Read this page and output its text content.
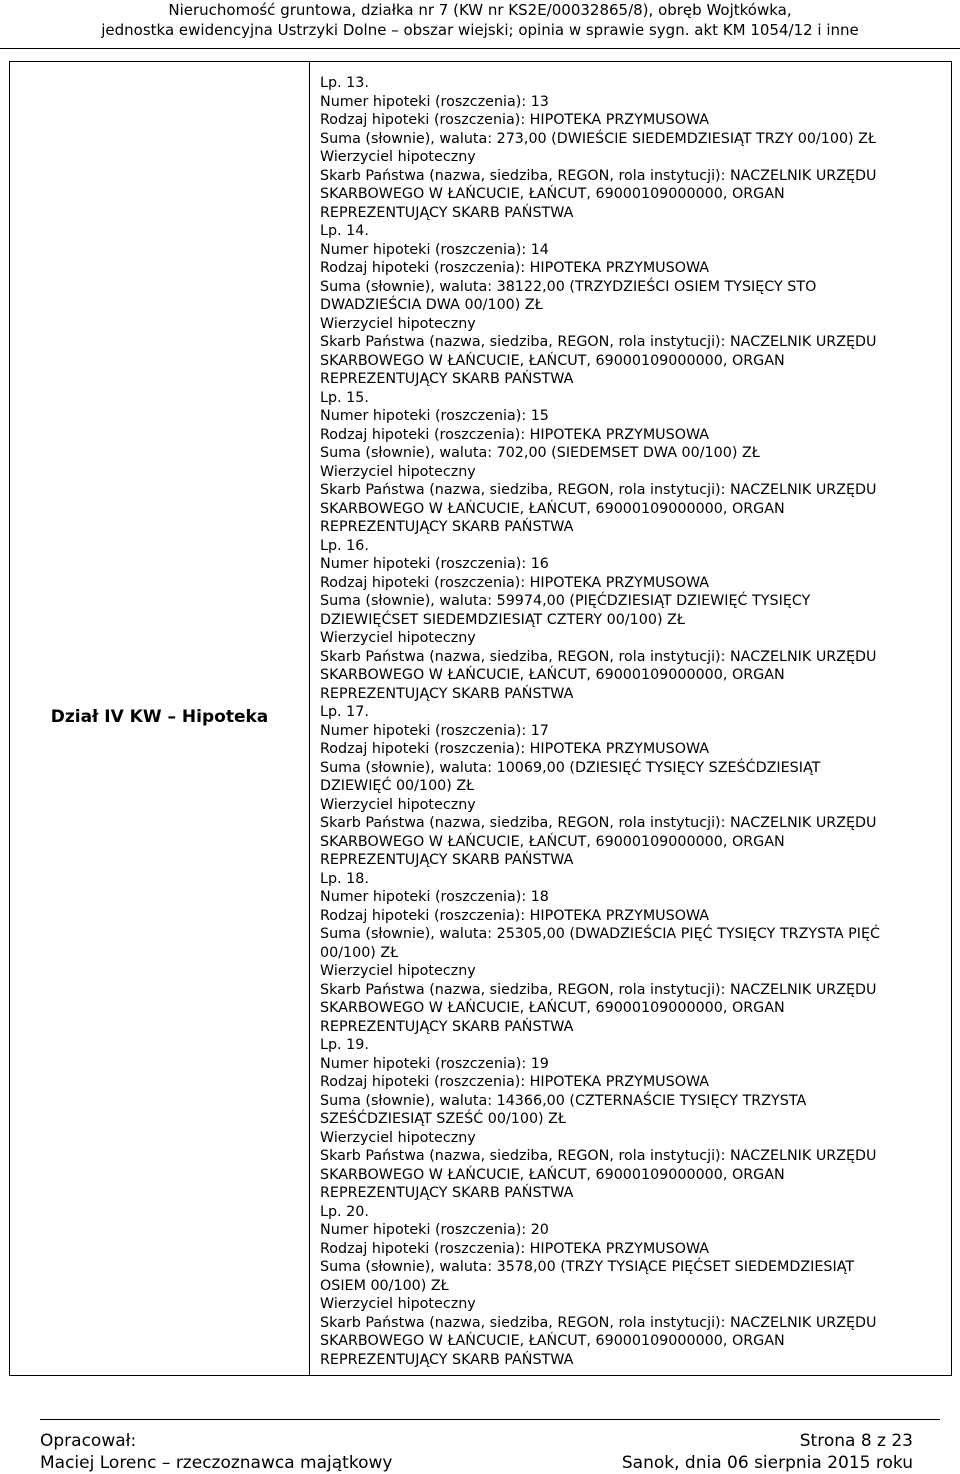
Nieruchomość gruntowa, działka nr 7 (KW nr KS2E/00032865/8), obręb Wojtkówka,
jednostka ewidencyjna Ustrzyki Dolne – obszar wiejski; opinia w sprawie sygn. akt KM 1054/12 i inne
Dział IV KW – Hipoteka
Lp. 13.
Numer hipoteki (roszczenia): 13
Rodzaj hipoteki (roszczenia): HIPOTEKA PRZYMUSOWA
Suma (słownie), waluta: 273,00 (DWIEŚCIE SIEDEMDZIESIĄT TRZY 00/100) ZŁ
Wierzyciel hipoteczny
Skarb Państwa (nazwa, siedziba, REGON, rola instytucji): NACZELNIK URZĘDU
SKARBOWEGO W ŁAŃCUCIE, ŁAŃCUT, 69000109000000, ORGAN
REPREZENTUJĄCY SKARB PAŃSTWA
Lp. 14.
Numer hipoteki (roszczenia): 14
Rodzaj hipoteki (roszczenia): HIPOTEKA PRZYMUSOWA
Suma (słownie), waluta: 38122,00 (TRZYDZIEŚCI OSIEM TYSIĘCY STO
DWADZIEŚCIA DWA 00/100) ZŁ
Wierzyciel hipoteczny
Skarb Państwa (nazwa, siedziba, REGON, rola instytucji): NACZELNIK URZĘDU
SKARBOWEGO W ŁAŃCUCIE, ŁAŃCUT, 69000109000000, ORGAN
REPREZENTUJĄCY SKARB PAŃSTWA
Lp. 15.
Numer hipoteki (roszczenia): 15
Rodzaj hipoteki (roszczenia): HIPOTEKA PRZYMUSOWA
Suma (słownie), waluta: 702,00 (SIEDEMSET DWA 00/100) ZŁ
Wierzyciel hipoteczny
Skarb Państwa (nazwa, siedziba, REGON, rola instytucji): NACZELNIK URZĘDU
SKARBOWEGO W ŁAŃCUCIE, ŁAŃCUT, 69000109000000, ORGAN
REPREZENTUJĄCY SKARB PAŃSTWA
Lp. 16.
Numer hipoteki (roszczenia): 16
Rodzaj hipoteki (roszczenia): HIPOTEKA PRZYMUSOWA
Suma (słownie), waluta: 59974,00 (PIĘĆDZIESIĄT DZIEWIĘĆ TYSIĘCY
DZIEWIĘĆSET SIEDEMDZIESIĄT CZTERY 00/100) ZŁ
Wierzyciel hipoteczny
Skarb Państwa (nazwa, siedziba, REGON, rola instytucji): NACZELNIK URZĘDU
SKARBOWEGO W ŁAŃCUCIE, ŁAŃCUT, 69000109000000, ORGAN
REPREZENTUJĄCY SKARB PAŃSTWA
Lp. 17.
Numer hipoteki (roszczenia): 17
Rodzaj hipoteki (roszczenia): HIPOTEKA PRZYMUSOWA
Suma (słownie), waluta: 10069,00 (DZIESIĘĆ TYSIĘCY SZEŚĆDZIESIĄT
DZIEWIĘĆ 00/100) ZŁ
Wierzyciel hipoteczny
Skarb Państwa (nazwa, siedziba, REGON, rola instytucji): NACZELNIK URZĘDU
SKARBOWEGO W ŁAŃCUCIE, ŁAŃCUT, 69000109000000, ORGAN
REPREZENTUJĄCY SKARB PAŃSTWA
Lp. 18.
Numer hipoteki (roszczenia): 18
Rodzaj hipoteki (roszczenia): HIPOTEKA PRZYMUSOWA
Suma (słownie), waluta: 25305,00 (DWADZIEŚCIA PIĘĆ TYSIĘCY TRZYSTA PIĘĆ
00/100) ZŁ
Wierzyciel hipoteczny
Skarb Państwa (nazwa, siedziba, REGON, rola instytucji): NACZELNIK URZĘDU
SKARBOWEGO W ŁAŃCUCIE, ŁAŃCUT, 69000109000000, ORGAN
REPREZENTUJĄCY SKARB PAŃSTWA
Lp. 19.
Numer hipoteki (roszczenia): 19
Rodzaj hipoteki (roszczenia): HIPOTEKA PRZYMUSOWA
Suma (słownie), waluta: 14366,00 (CZTERNAŚCIE TYSIĘCY TRZYSTA
SZEŚĆDZIESIĄT SZEŚĆ 00/100) ZŁ
Wierzyciel hipoteczny
Skarb Państwa (nazwa, siedziba, REGON, rola instytucji): NACZELNIK URZĘDU
SKARBOWEGO W ŁAŃCUCIE, ŁAŃCUT, 69000109000000, ORGAN
REPREZENTUJĄCY SKARB PAŃSTWA
Lp. 20.
Numer hipoteki (roszczenia): 20
Rodzaj hipoteki (roszczenia): HIPOTEKA PRZYMUSOWA
Suma (słownie), waluta: 3578,00 (TRZY TYSIĄCE PIĘĆSET SIEDEMDZIESIĄT
OSIEM 00/100) ZŁ
Wierzyciel hipoteczny
Skarb Państwa (nazwa, siedziba, REGON, rola instytucji): NACZELNIK URZĘDU
SKARBOWEGO W ŁAŃCUCIE, ŁAŃCUT, 69000109000000, ORGAN
REPREZENTUJĄCY SKARB PAŃSTWA
Opracował:
Maciej Lorenc – rzeczoznawca majątkowy
Strona 8 z 23
Sanok, dnia 06 sierpnia 2015 roku
